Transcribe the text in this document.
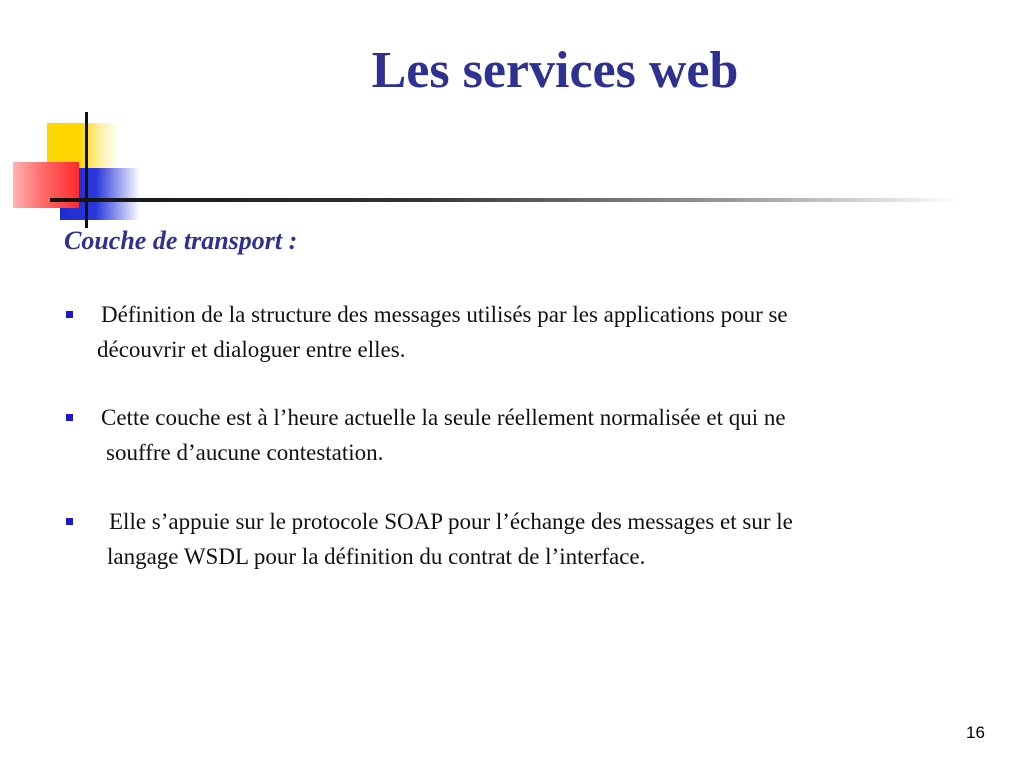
Les services web
Couche de transport :
Définition de la structure des messages utilisés par les applications pour se
découvrir et dialoguer entre elles.
Cette couche est à l’heure actuelle la seule réellement normalisée et qui ne
souffre d’aucune contestation.
Elle s’appuie sur le protocole SOAP pour l’échange des messages et sur le
langage WSDL pour la définition du contrat de l’interface.
16
